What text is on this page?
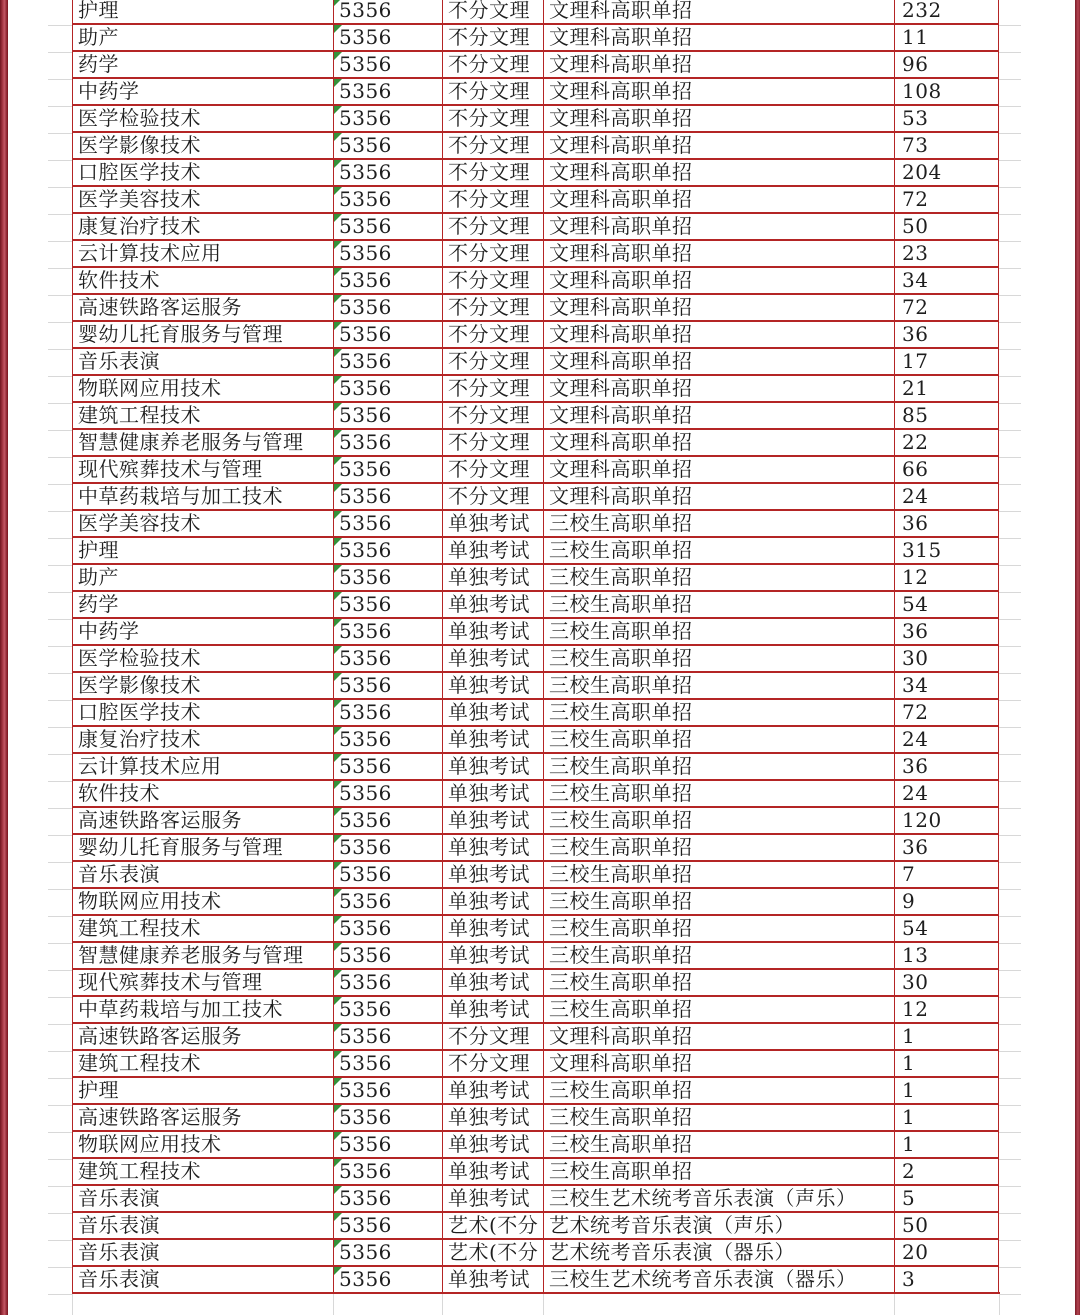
护理	5356	不分文理 文理科高职单招	232
助产	5356	不分文理 文理科高职单招	11
药学	5356	不分文理 文理科高职单招	96
中药学	5356	不分文理 文理科高职单招	108
医学检验技术	5356	不分文理 文理科高职单招	53
医学影像技术	5356	不分文理 文理科高职单招	73
口腔医学技术	5356	不分文理 文理科高职单招	204
医学美容技术	5356	不分文理 文理科高职单招	72
康复治疗技术	5356	不分文理 文理科高职单招	50
云计算技术应用	5356	不分文理 文理科高职单招	23
软件技术	5356	不分文理 文理科高职单招	34
高速铁路客运服务	5356	不分文理 文理科高职单招	72
婴幼儿托育服务与管理	5356	不分文理 文理科高职单招	36
音乐表演	5356	不分文理 文理科高职单招	17
物联网应用技术	5356	不分文理 文理科高职单招	21
建筑工程技术	5356	不分文理 文理科高职单招	85
智慧健康养老服务与管理	5356	不分文理 文理科高职单招	22
现代殡葬技术与管理	5356	不分文理 文理科高职单招	66
中草药栽培与加工技术	5356	不分文理 文理科高职单招	24
医学美容技术	5356	单独考试 三校生高职单招	36
护理	5356	单独考试 三校生高职单招	315
助产	5356	单独考试 三校生高职单招	12
药学	5356	单独考试 三校生高职单招	54
中药学	5356	单独考试 三校生高职单招	36
医学检验技术	5356	单独考试 三校生高职单招	30
医学影像技术	5356	单独考试 三校生高职单招	34
口腔医学技术	5356	单独考试 三校生高职单招	72
康复治疗技术	5356	单独考试 三校生高职单招	24
云计算技术应用	5356	单独考试 三校生高职单招	36
软件技术	5356	单独考试 三校生高职单招	24
高速铁路客运服务	5356	单独考试 三校生高职单招	120
婴幼儿托育服务与管理	5356	单独考试 三校生高职单招	36
音乐表演	5356	单独考试 三校生高职单招	7
物联网应用技术	5356	单独考试 三校生高职单招	9
建筑工程技术	5356	单独考试 三校生高职单招	54
智慧健康养老服务与管理	5356	单独考试 三校生高职单招	13
现代殡葬技术与管理	5356	单独考试 三校生高职单招	30
中草药栽培与加工技术	5356	单独考试 三校生高职单招	12
高速铁路客运服务	5356	不分文理 文理科高职单招	1
建筑工程技术	5356	不分文理 文理科高职单招	1
护理	5356	单独考试 三校生高职单招	1
高速铁路客运服务	5356	单独考试 三校生高职单招	1
物联网应用技术	5356	单独考试 三校生高职单招	1
建筑工程技术	5356	单独考试 三校生高职单招	2
音乐表演	5356	单独考试 三校生艺术统考音乐表演（声乐）	5
音乐表演	5356	艺术(不分 艺术统考音乐表演（声乐）	50
音乐表演	5356	艺术(不分 艺术统考音乐表演（器乐）	20
音乐表演	5356	单独考试 三校生艺术统考音乐表演（器乐）	3
